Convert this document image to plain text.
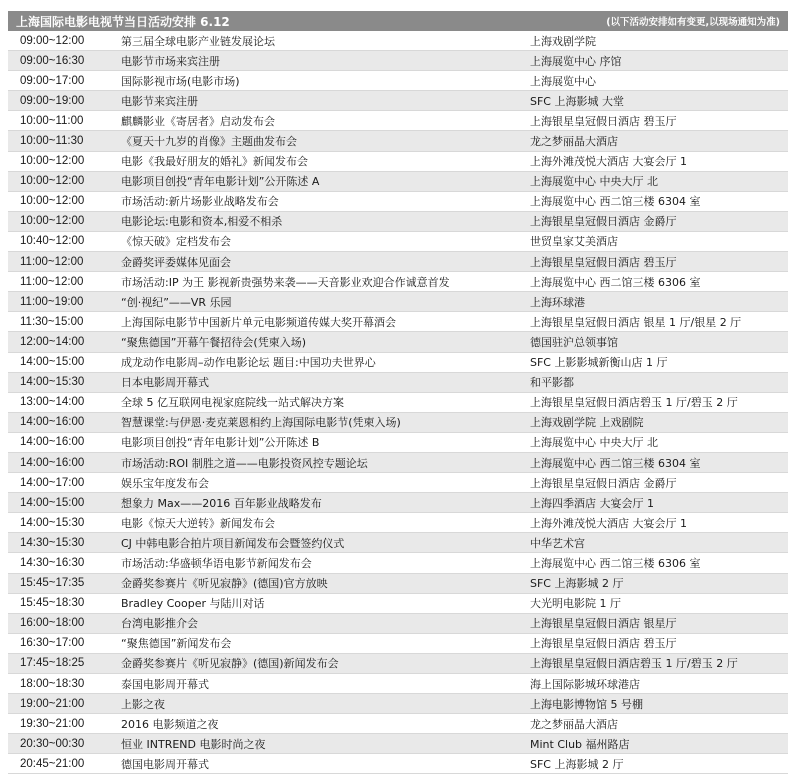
上海国际电影电视节当日活动安排 6.12	(以下活动安排如有变更,以现场通知为准)
09:00~12:00	第三届全球电影产业链发展论坛	上海戏剧学院
09:00~16:30	电影节市场来宾注册	上海展览中心 序馆
09:00~17:00	国际影视市场(电影市场)	上海展览中心
09:00~19:00	电影节来宾注册	SFC 上海影城 大堂
10:00~11:00	麒麟影业《寄居者》启动发布会	上海银星皇冠假日酒店 碧玉厅
10:00~11:30	《夏天十九岁的肖像》主题曲发布会	龙之梦丽晶大酒店
10:00~12:00	电影《我最好朋友的婚礼》新闻发布会	上海外滩茂悦大酒店 大宴会厅 1
10:00~12:00	电影项目创投“青年电影计划”公开陈述 A	上海展览中心 中央大厅 北
10:00~12:00	市场活动:新片场影业战略发布会	上海展览中心 西二馆三楼 6304 室
10:00~12:00	电影论坛:电影和资本,相爱不相杀	上海银星皇冠假日酒店 金爵厅
10:40~12:00	《惊天破》定档发布会	世贸皇家艾美酒店
11:00~12:00	金爵奖评委媒体见面会	上海银星皇冠假日酒店 碧玉厅
11:00~12:00	市场活动:IP 为王 影视新贵强势来袭——天音影业欢迎合作诚意首发	上海展览中心 西二馆三楼 6306 室
11:00~19:00	“创·视纪”——VR 乐园	上海环球港
11:30~15:00	上海国际电影节中国新片单元电影频道传媒大奖开幕酒会	上海银星皇冠假日酒店 银星 1 厅/银星 2 厅
12:00~14:00	“聚焦德国”开幕午餐招待会(凭柬入场)	德国驻沪总领事馆
14:00~15:00	成龙动作电影周–动作电影论坛 题目:中国功夫世界心	SFC 上影影城新衡山店 1 厅
14:00~15:30	日本电影周开幕式	和平影都
13:00~14:00	全球 5 亿互联网电视家庭院线一站式解决方案	上海银星皇冠假日酒店碧玉 1 厅/碧玉 2 厅
14:00~16:00	智慧课堂:与伊恩·麦克莱恩相约上海国际电影节(凭柬入场)	上海戏剧学院 上戏剧院
14:00~16:00	电影项目创投“青年电影计划”公开陈述 B	上海展览中心 中央大厅 北
14:00~16:00	市场活动:ROI 制胜之道——电影投资风控专题论坛	上海展览中心 西二馆三楼 6304 室
14:00~17:00	娱乐宝年度发布会	上海银星皇冠假日酒店 金爵厅
14:00~15:00	想象力 Max——2016 百年影业战略发布	上海四季酒店 大宴会厅 1
14:00~15:30	电影《惊天大逆转》新闻发布会	上海外滩茂悦大酒店 大宴会厅 1
14:30~15:30	CJ 中韩电影合拍片项目新闻发布会暨签约仪式	中华艺术宫
14:30~16:30	市场活动:华盛顿华语电影节新闻发布会	上海展览中心 西二馆三楼 6306 室
15:45~17:35	金爵奖参赛片《听见寂静》(德国)官方放映	SFC 上海影城 2 厅
15:45~18:30	Bradley Cooper 与陆川对话	大光明电影院 1 厅
16:00~18:00	台湾电影推介会	上海银星皇冠假日酒店 银星厅
16:30~17:00	“聚焦德国”新闻发布会	上海银星皇冠假日酒店 碧玉厅
17:45~18:25	金爵奖参赛片《听见寂静》(德国)新闻发布会	上海银星皇冠假日酒店碧玉 1 厅/碧玉 2 厅
18:00~18:30	泰国电影周开幕式	海上国际影城环球港店
19:00~21:00	上影之夜	上海电影博物馆 5 号棚
19:30~21:00	2016 电影频道之夜	龙之梦丽晶大酒店
20:30~00:30	恒业 INTREND 电影时尚之夜	Mint Club 福州路店
20:45~21:00	德国电影周开幕式	SFC 上海影城 2 厅
